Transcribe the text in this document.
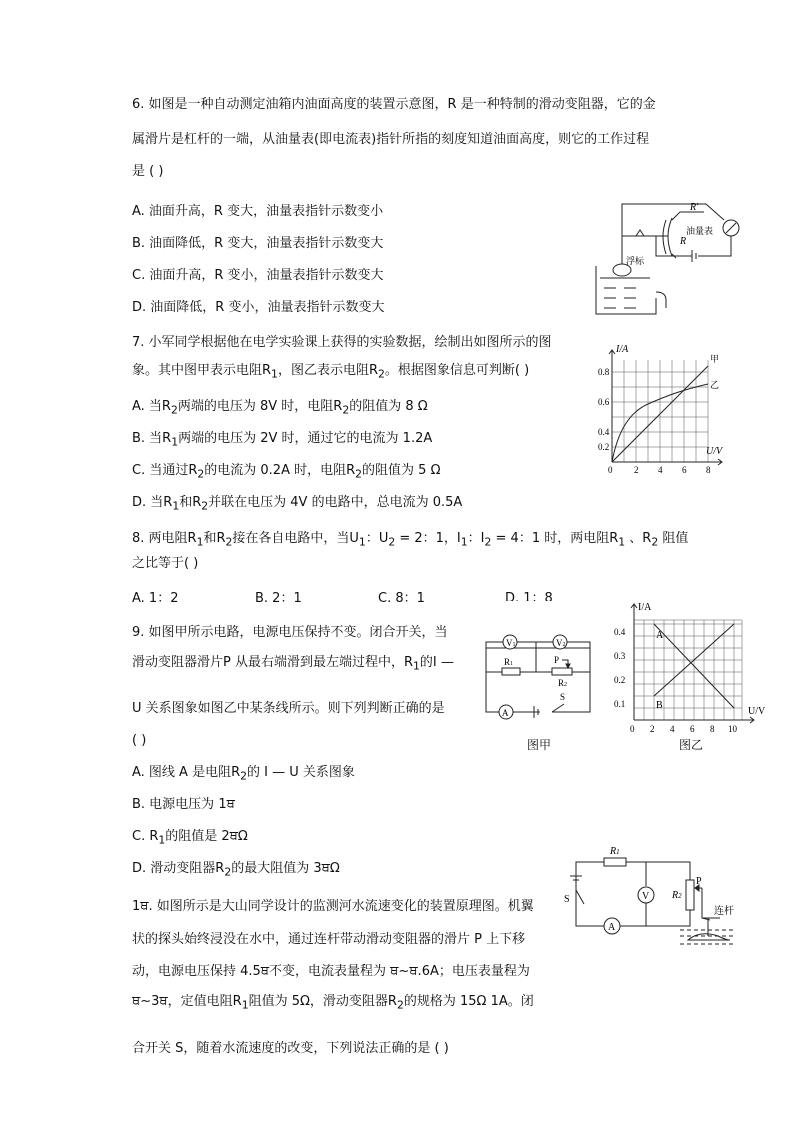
6. 如图是一种自动测定油箱内油面高度的装置示意图，R 是一种特制的滑动变阻器，它的金
属滑片是杠杆的一端，从油量表(即电流表)指针所指的刻度知道油面高度，则它的工作过程
是 ( )
A. 油面升高，R 变大，油量表指针示数变小
B. 油面降低，R 变大，油量表指针示数变大
C. 油面升高，R 变小，油量表指针示数变大
D. 油面降低，R 变小，油量表指针示数变大
R′
R
油量表
浮标
7. 小军同学根据他在电学实验课上获得的实验数据，绘制出如图所示的图
象。其中图甲表示电阻$R_1$，图乙表示电阻$R_2$。根据图象信息可判断( )
A. 当$R_2$两端的电压为 8V 时，电阻$R_2$的阻值为 8 Ω
B. 当$R_1$两端的电压为 2V 时，通过它的电流为 1.2A
C. 当通过$R_2$的电流为 0.2A 时，电阻$R_2$的阻值为 5 Ω
D. 当$R_1$和$R_2$并联在电压为 4V 的电路中，总电流为 0.5A
I/A
U/V
0.8
0.6
0.4
0.2
0 2 4 6 8
甲
乙
8. 两电阻$R_1$和$R_2$接在各自电路中，当$U_1$：$U_2 = 2$：1，$I_1$：$I_2 = 4$：1 时，两电阻$R_1$ 、$R_2$ 阻值
之比等于( )
A. 1：2	B. 2：1	C. 8：1	D. 1：8
9. 如图甲所示电路，电源电压保持不变。闭合开关，当
滑动变阻器滑片P 从最右端滑到最左端过程中，$R_1$的I —
U 关系图象如图乙中某条线所示。则下列判断正确的是
( )
A. 图线 A 是电阻$R_2$的 I — U 关系图象
B. 电源电压为 1ਥ
C. $R_1$的阻值是 2ਥΩ
D. 滑动变阻器$R_2$的最大阻值为 3ਥΩ
V1	V2
R1	P
R2
A
S
图甲
I/A
U/V
0.4
0.3
0.2
0.1
0 2 4 6 8 10
A
B
图乙
1ਥ. 如图所示是大山同学设计的监测河水流速变化的装置原理图。机翼
状的探头始终浸没在水中，通过连杆带动滑动变阻器的滑片 P 上下移
动，电源电压保持 4.5ਥ不变，电流表量程为 ਥ~ਥ.6A；电压表量程为
ਥ~3ਥ，定值电阻$R_1$阻值为 5Ω，滑动变阻器$R_2$的规格为 15Ω 1A。闭
合开关 S，随着水流速度的改变，下列说法正确的是 ( )
R1
V
P
R2
S
A
连杆
